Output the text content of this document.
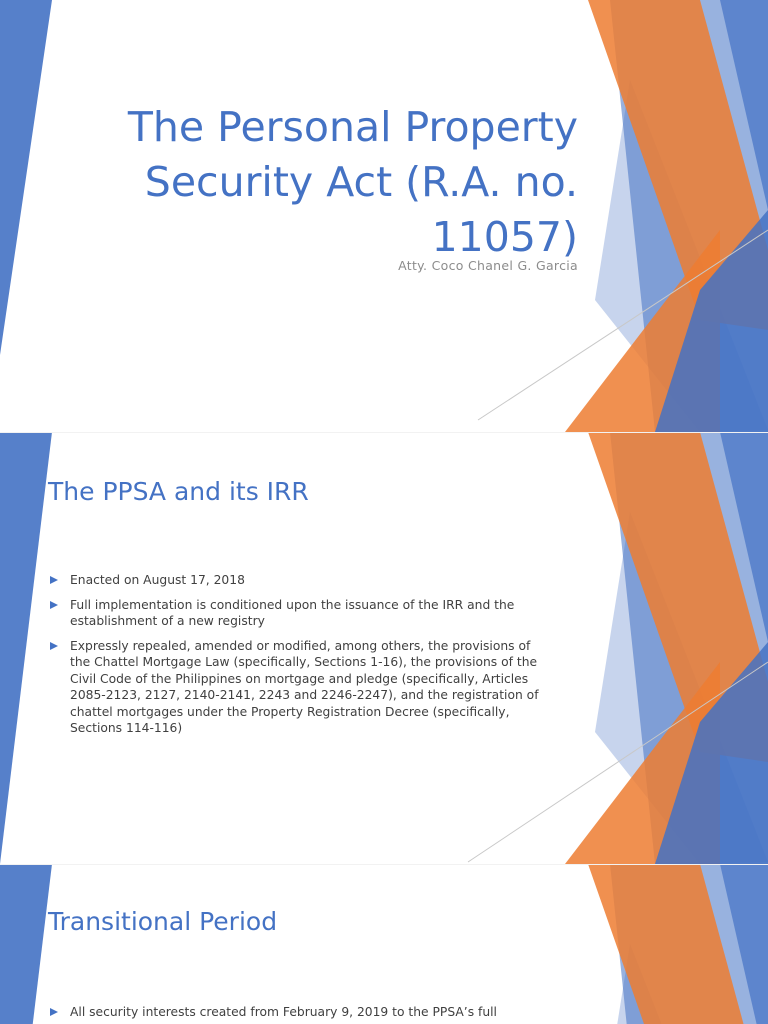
The Personal Property Security Act (R.A. no. 11057)

Atty. Coco Chanel G. Garcia

The PPSA and its IRR
Enacted on August 17, 2018
Full implementation is conditioned upon the issuance of the IRR and the establishment of a new registry
Expressly repealed, amended or modified, among others, the provisions of the Chattel Mortgage Law (specifically, Sections 1-16), the provisions of the Civil Code of the Philippines on mortgage and pledge (specifically, Articles 2085-2123, 2127, 2140-2141, 2243 and 2246-2247), and the registration of chattel mortgages under the Property Registration Decree (specifically, Sections 114-116)
Transitional Period
All security interests created from February 9, 2019 to the PPSA’s full
